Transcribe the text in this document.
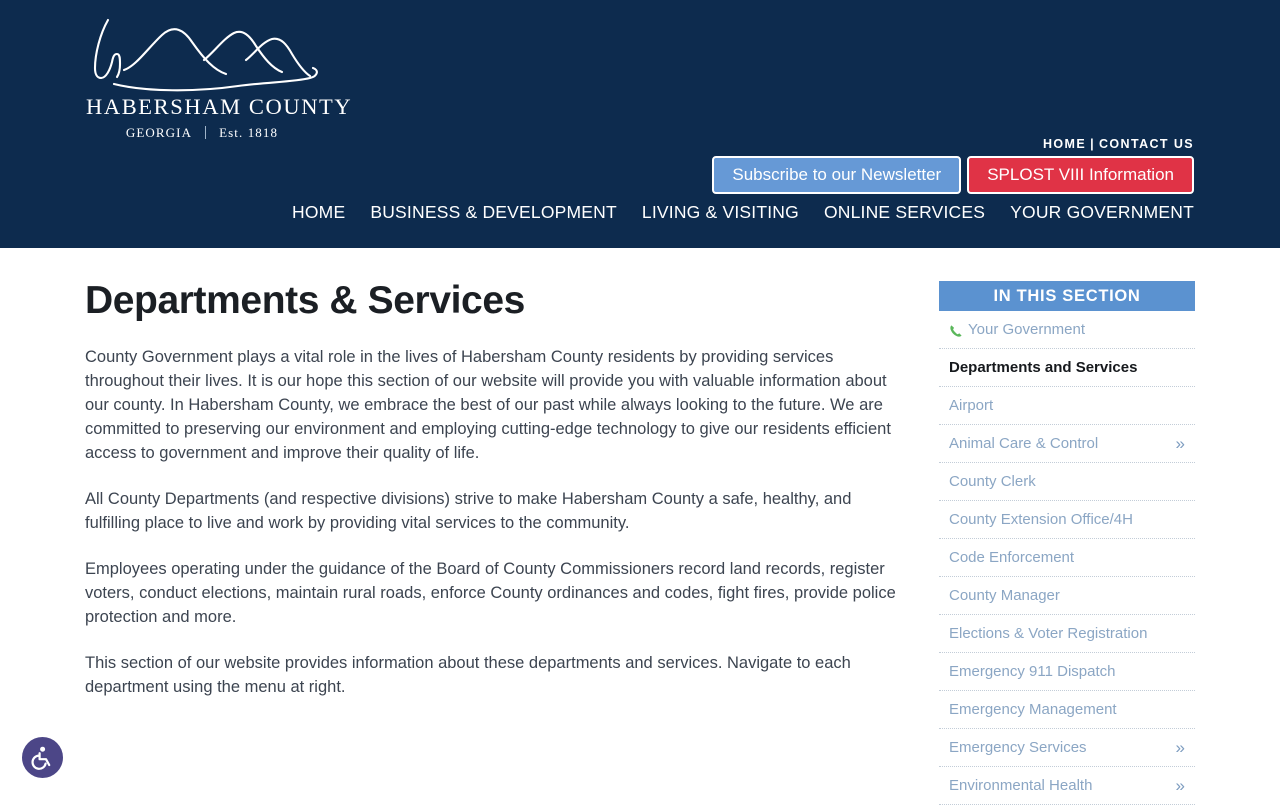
HABERSHAM COUNTY
GEORGIA Est. 1818
HOME | CONTACT US
Subscribe to our Newsletter	SPLOST VIII Information
HOME BUSINESS & DEVELOPMENT LIVING & VISITING ONLINE SERVICES YOUR GOVERNMENT
Departments & Services

County Government plays a vital role in the lives of Habersham County residents by providing services throughout their lives. It is our hope this section of our website will provide you with valuable information about our county. In Habersham County, we embrace the best of our past while always looking to the future. We are committed to preserving our environment and employing cutting-edge technology to give our residents efficient access to government and improve their quality of life.

All County Departments (and respective divisions) strive to make Habersham County a safe, healthy, and fulfilling place to live and work by providing vital services to the community.

Employees operating under the guidance of the Board of County Commissioners record land records, register voters, conduct elections, maintain rural roads, enforce County ordinances and codes, fight fires, provide police protection and more.

This section of our website provides information about these departments and services. Navigate to each department using the menu at right.

IN THIS SECTION
Your Government
Departments and Services
Airport
Animal Care & Control	»
County Clerk
County Extension Office/4H
Code Enforcement
County Manager
Elections & Voter Registration
Emergency 911 Dispatch
Emergency Management
Emergency Services	»
Environmental Health	»
